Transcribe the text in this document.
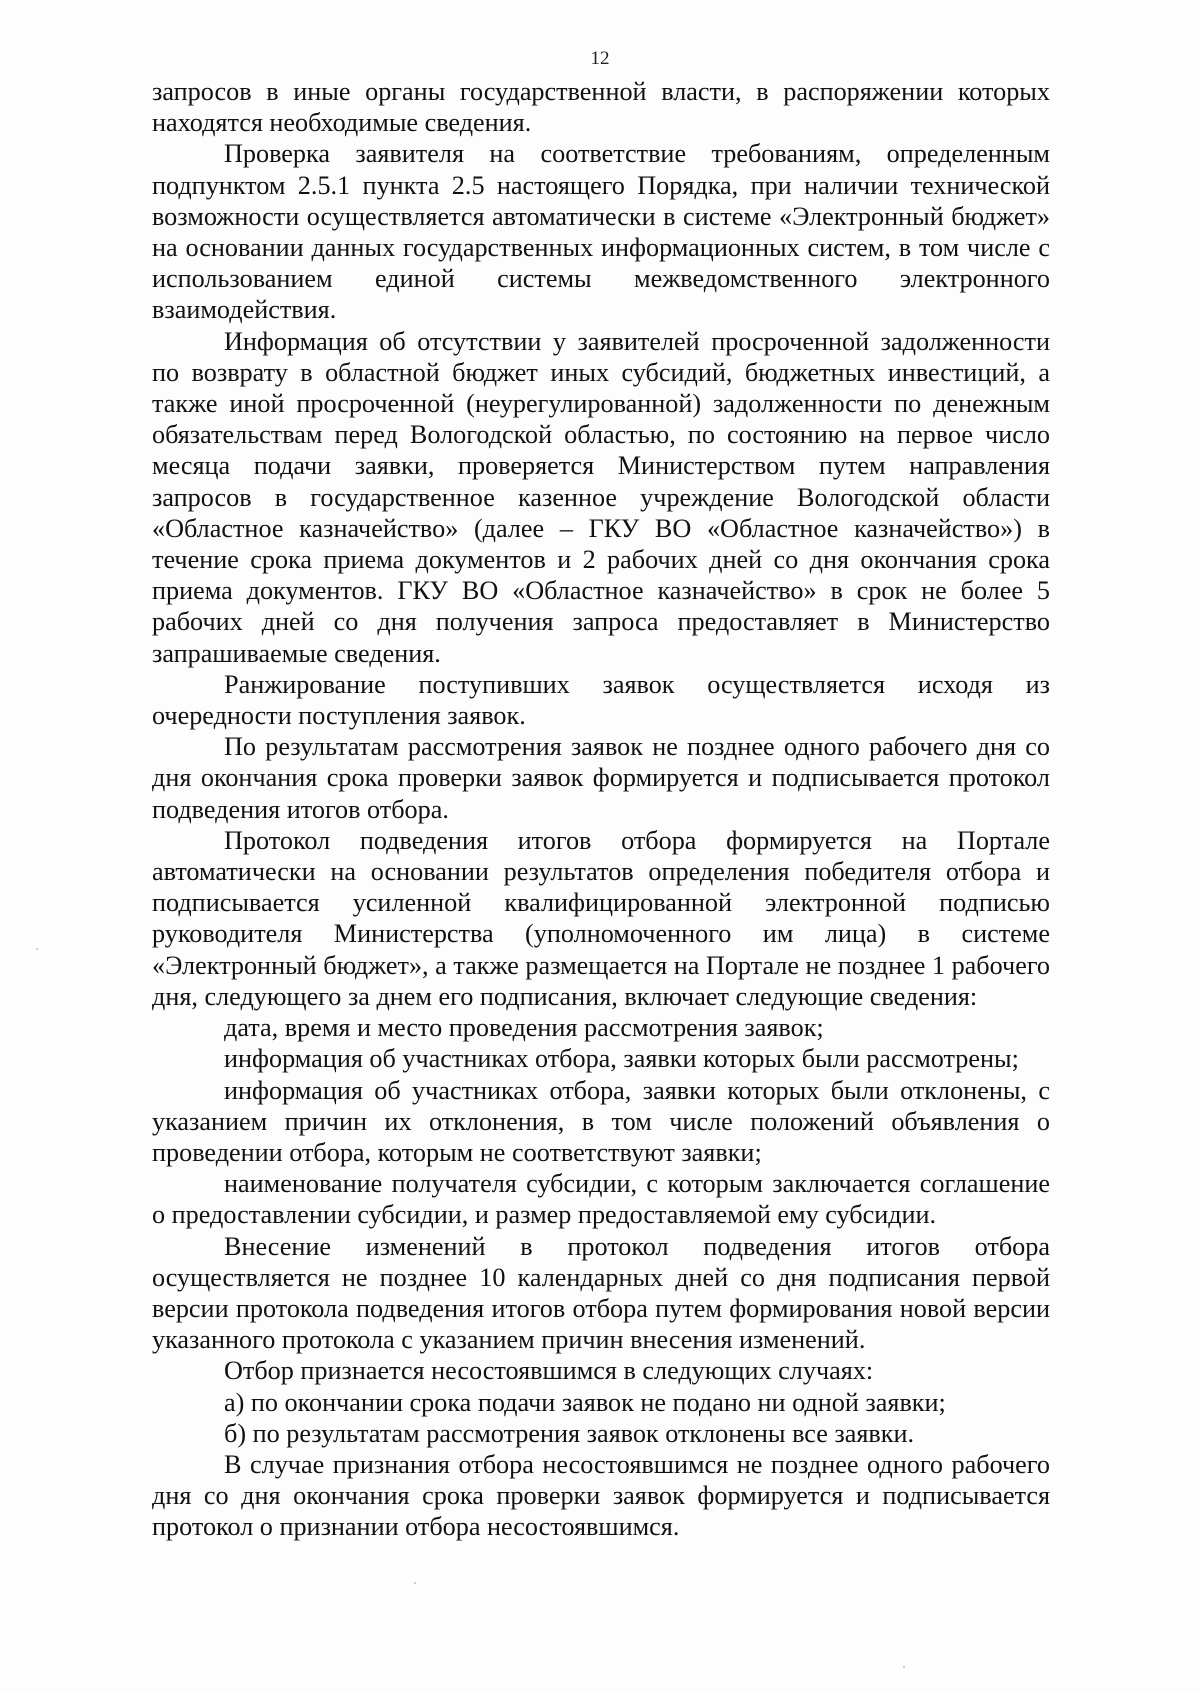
12

запросов в иные органы государственной власти, в распоряжении которых находятся необходимые сведения.

Проверка заявителя на соответствие требованиям, определенным подпунктом 2.5.1 пункта 2.5 настоящего Порядка, при наличии технической возможности осуществляется автоматически в системе «Электронный бюджет» на основании данных государственных информационных систем, в том числе с использованием единой системы межведомственного электронного взаимодействия.

Информация об отсутствии у заявителей просроченной задолженности по возврату в областной бюджет иных субсидий, бюджетных инвестиций, а также иной просроченной (неурегулированной) задолженности по денежным обязательствам перед Вологодской областью, по состоянию на первое число месяца подачи заявки, проверяется Министерством путем направления запросов в государственное казенное учреждение Вологодской области «Областное казначейство» (далее – ГКУ ВО «Областное казначейство») в течение срока приема документов и 2 рабочих дней со дня окончания срока приема документов. ГКУ ВО «Областное казначейство» в срок не более 5 рабочих дней со дня получения запроса предоставляет в Министерство запрашиваемые сведения.

Ранжирование поступивших заявок осуществляется исходя из очередности поступления заявок.

По результатам рассмотрения заявок не позднее одного рабочего дня со дня окончания срока проверки заявок формируется и подписывается протокол подведения итогов отбора.

Протокол подведения итогов отбора формируется на Портале автоматически на основании результатов определения победителя отбора и подписывается усиленной квалифицированной электронной подписью руководителя Министерства (уполномоченного им лица) в системе «Электронный бюджет», а также размещается на Портале не позднее 1 рабочего дня, следующего за днем его подписания, включает следующие сведения:

дата, время и место проведения рассмотрения заявок;

информация об участниках отбора, заявки которых были рассмотрены;

информация об участниках отбора, заявки которых были отклонены, с указанием причин их отклонения, в том числе положений объявления о проведении отбора, которым не соответствуют заявки;

наименование получателя субсидии, с которым заключается соглашение о предоставлении субсидии, и размер предоставляемой ему субсидии.

Внесение изменений в протокол подведения итогов отбора осуществляется не позднее 10 календарных дней со дня подписания первой версии протокола подведения итогов отбора путем формирования новой версии указанного протокола с указанием причин внесения изменений.

Отбор признается несостоявшимся в следующих случаях:

а) по окончании срока подачи заявок не подано ни одной заявки;

б) по результатам рассмотрения заявок отклонены все заявки.

В случае признания отбора несостоявшимся не позднее одного рабочего дня со дня окончания срока проверки заявок формируется и подписывается протокол о признании отбора несостоявшимся.
